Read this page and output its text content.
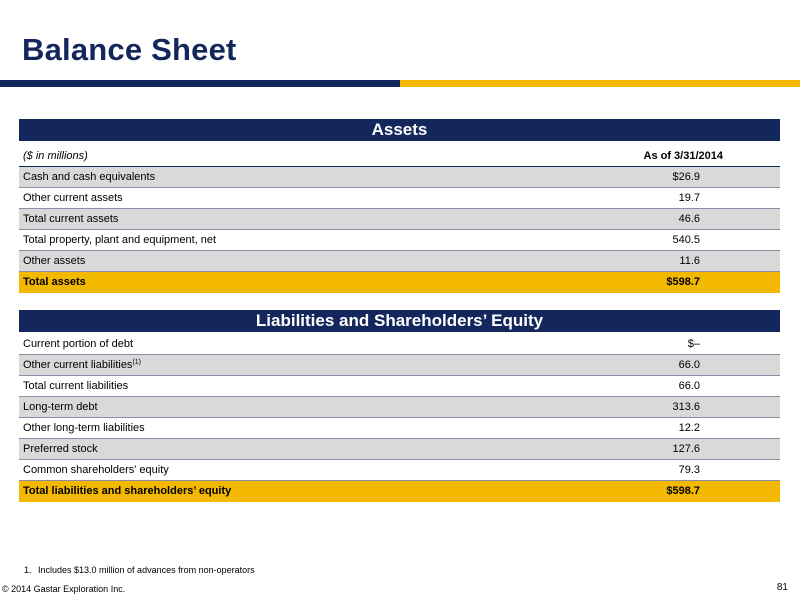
Balance Sheet
Assets
($ in millions)	As of 3/31/2014
Cash and cash equivalents	$26.9
Other current assets	19.7
Total current assets	46.6
Total property, plant and equipment, net	540.5
Other assets	11.6
Total assets	$598.7
Liabilities and Shareholders’ Equity
Current portion of debt	$–
Other current liabilities$^{(1)}$	66.0
Total current liabilities	66.0
Long-term debt	313.6
Other long-term liabilities	12.2
Preferred stock	127.6
Common shareholders' equity	79.3
Total liabilities and shareholders’ equity	$598.7
1. Includes $13.0 million of advances from non-operators
© 2014 Gastar Exploration Inc.	81
